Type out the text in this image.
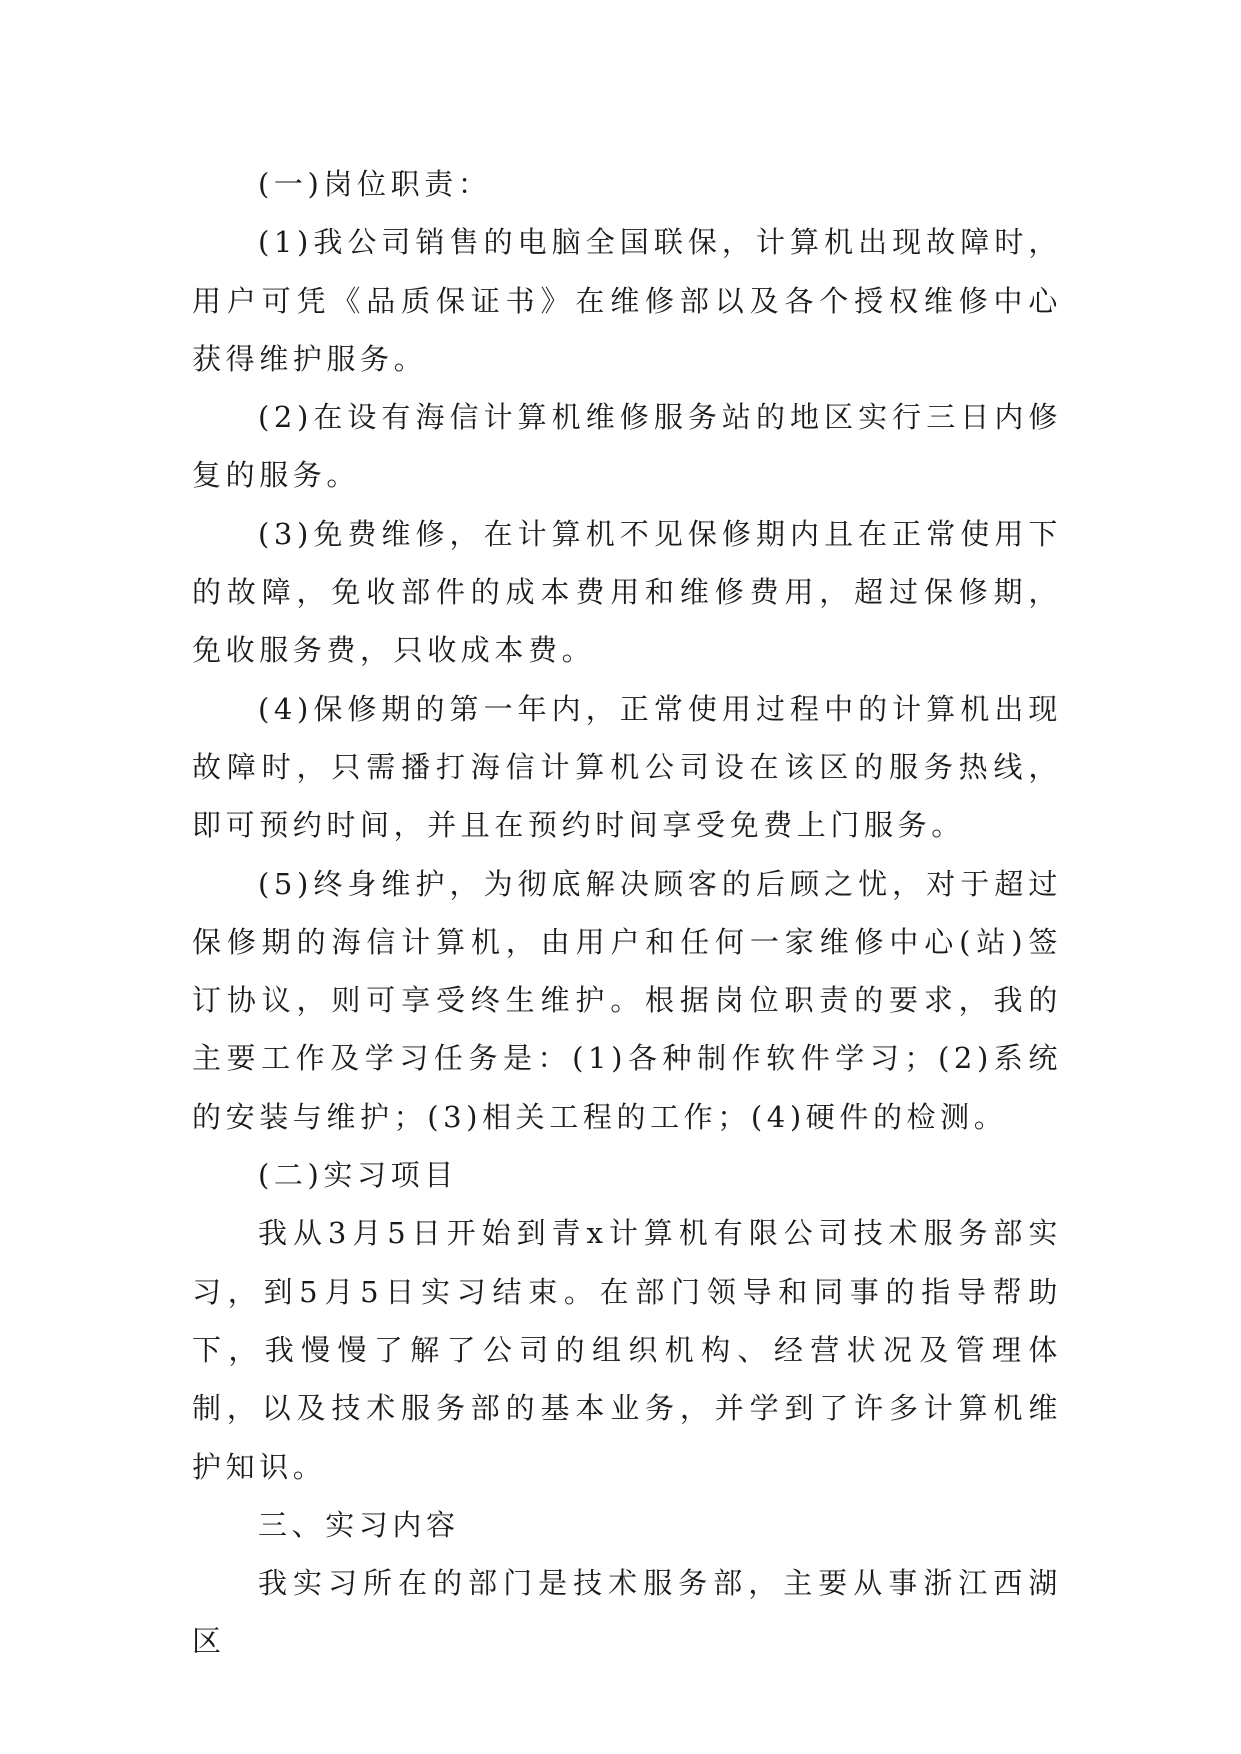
(一)岗位职责：

(1)我公司销售的电脑全国联保，计算机出现故障时，用户可凭《品质保证书》在维修部以及各个授权维修中心获得维护服务。

(2)在设有海信计算机维修服务站的地区实行三日内修复的服务。

(3)免费维修，在计算机不见保修期内且在正常使用下的故障，免收部件的成本费用和维修费用，超过保修期，免收服务费，只收成本费。

(4)保修期的第一年内，正常使用过程中的计算机出现故障时，只需播打海信计算机公司设在该区的服务热线，即可预约时间，并且在预约时间享受免费上门服务。

(5)终身维护，为彻底解决顾客的后顾之忧，对于超过保修期的海信计算机，由用户和任何一家维修中心(站)签订协议，则可享受终生维护。根据岗位职责的要求，我的主要工作及学习任务是：(1)各种制作软件学习；(2)系统的安装与维护；(3)相关工程的工作；(4)硬件的检测。

(二)实习项目

我从3月5日开始到青x计算机有限公司技术服务部实习，到5月5日实习结束。在部门领导和同事的指导帮助下，我慢慢了解了公司的组织机构、经营状况及管理体制，以及技术服务部的基本业务，并学到了许多计算机维护知识。

三、实习内容

我实习所在的部门是技术服务部，主要从事浙江西湖区
